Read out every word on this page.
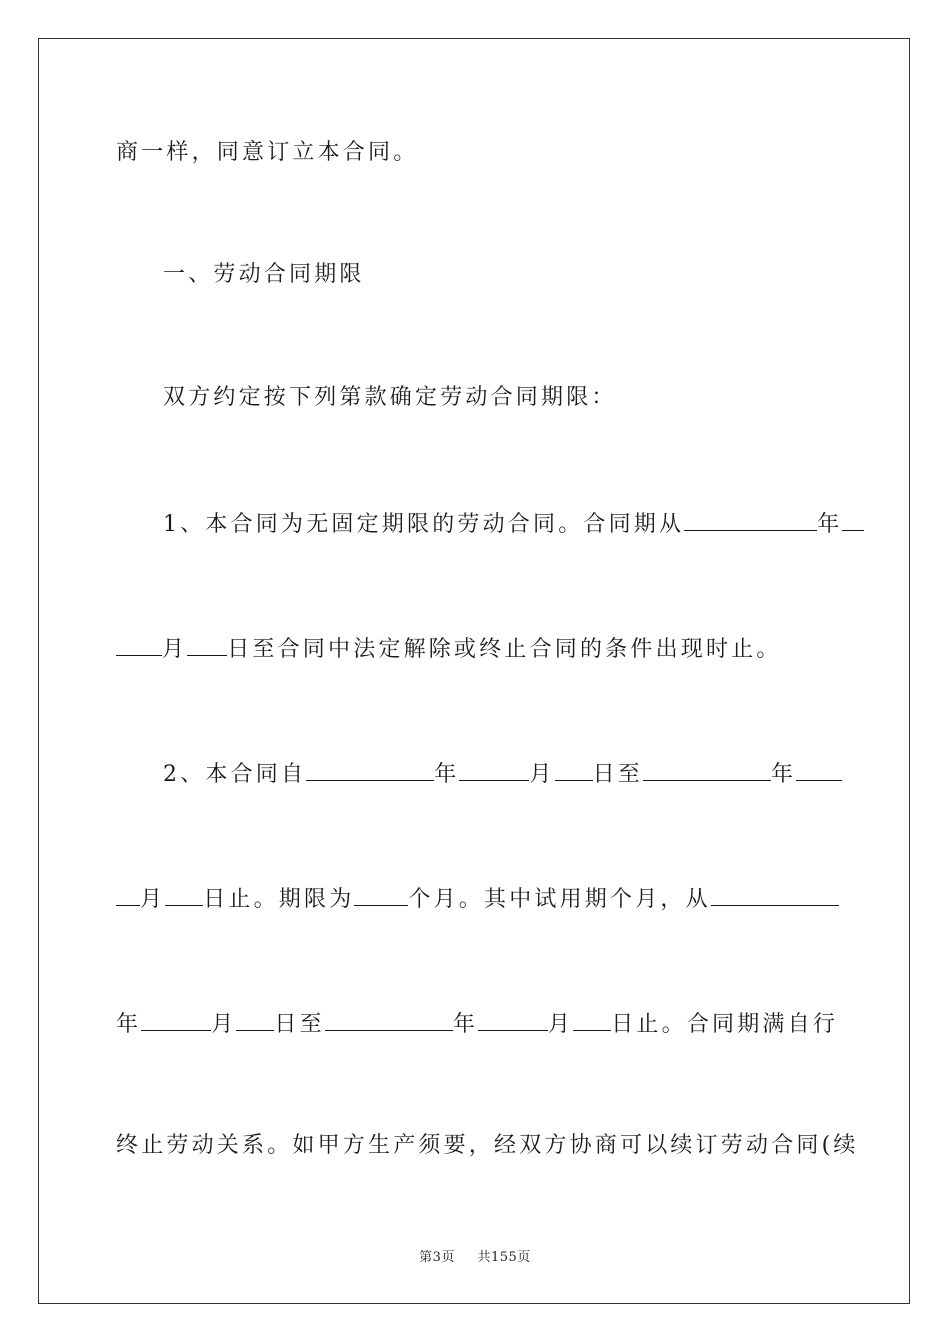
商一样，同意订立本合同。
一、劳动合同期限
双方约定按下列第款确定劳动合同期限：
1、本合同为无固定期限的劳动合同。合同期从	年
月 日至合同中法定解除或终止合同的条件出现时止。
2、本合同自	年	月 日至	年
月 日止。期限为 个月。其中试用期个月，从
年	月 日至	年	月 日止。合同期满自行
终止劳动关系。如甲方生产须要，经双方协商可以续订劳动合同(续
第3页 共155页
